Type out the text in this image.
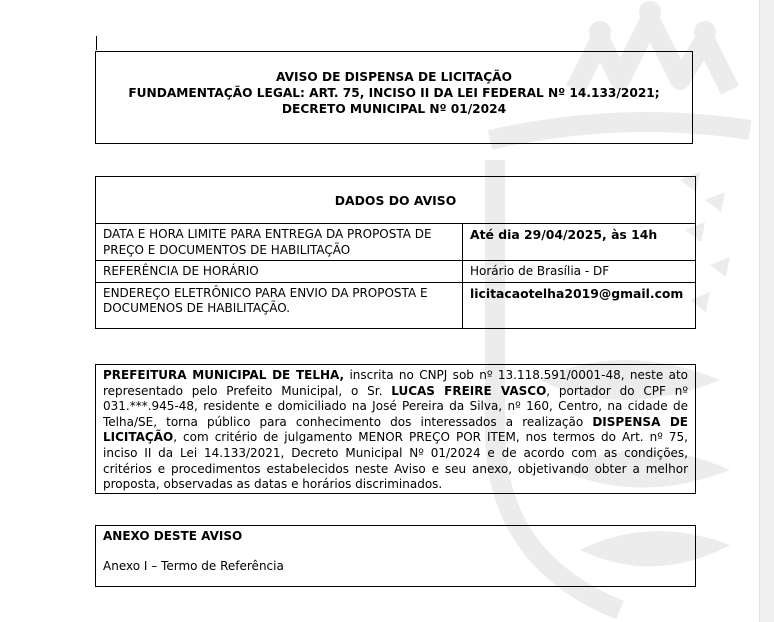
AVISO DE DISPENSA DE LICITAÇÃO
FUNDAMENTAÇÃO LEGAL: ART. 75, INCISO II DA LEI FEDERAL Nº 14.133/2021;
DECRETO MUNICIPAL Nº 01/2024
DADOS DO AVISO	
DATA E HORA LIMITE PARA ENTREGA DA PROPOSTA DE PREÇO E DOCUMENTOS DE HABILITAÇÃO	Até dia 29/04/2025, às 14h
REFERÊNCIA DE HORÁRIO	Horário de Brasília - DF
ENDEREÇO ELETRÔNICO PARA ENVIO DA PROPOSTA E DOCUMENOS DE HABILITAÇÃO.	licitacaotelha2019@gmail.com
PREFEITURA MUNICIPAL DE TELHA, inscrita no CNPJ sob nº 13.118.591/0001-48, neste ato representado pelo Prefeito Municipal, o Sr. LUCAS FREIRE VASCO, portador do CPF nº 031.***.945-48, residente e domiciliado na José Pereira da Silva, nº 160, Centro, na cidade de Telha/SE, torna público para conhecimento dos interessados a realização DISPENSA DE LICITAÇÃO, com critério de julgamento MENOR PREÇO POR ITEM, nos termos do Art. nº 75, inciso II da Lei 14.133/2021, Decreto Municipal Nº 01/2024 e de acordo com as condições, critérios e procedimentos estabelecidos neste Aviso e seu anexo, objetivando obter a melhor proposta, observadas as datas e horários discriminados.
ANEXO DESTE AVISO
Anexo I – Termo de Referência
